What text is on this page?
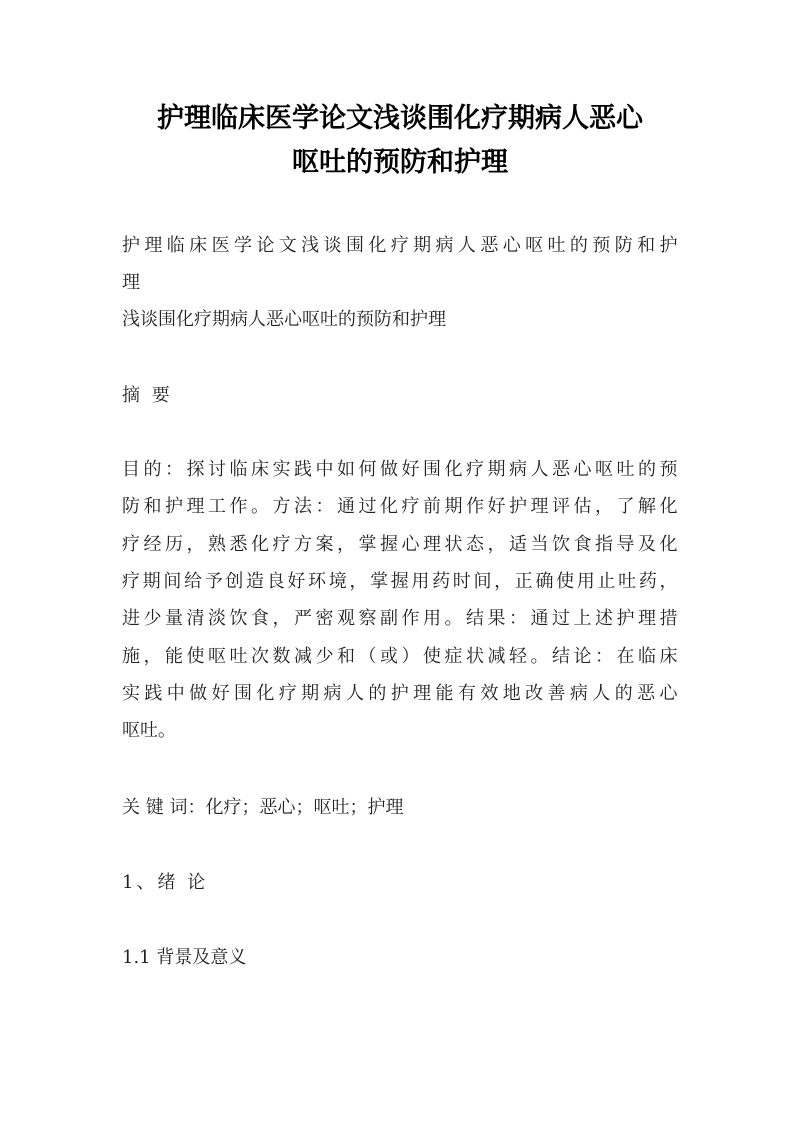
护理临床医学论文浅谈围化疗期病人恶心
呕吐的预防和护理
护理临床医学论文浅谈围化疗期病人恶心呕吐的预防和护
理
浅谈围化疗期病人恶心呕吐的预防和护理
摘 要
目的：探讨临床实践中如何做好围化疗期病人恶心呕吐的预
防和护理工作。方法：通过化疗前期作好护理评估，了解化
疗经历，熟悉化疗方案，掌握心理状态，适当饮食指导及化
疗期间给予创造良好环境，掌握用药时间，正确使用止吐药，
进少量清淡饮食，严密观察副作用。结果：通过上述护理措
施，能使呕吐次数减少和（或）使症状减轻。结论：在临床
实践中做好围化疗期病人的护理能有效地改善病人的恶心
呕吐。
关 键 词：化疗；恶心；呕吐；护理
1、绪 论
1.1 背景及意义
